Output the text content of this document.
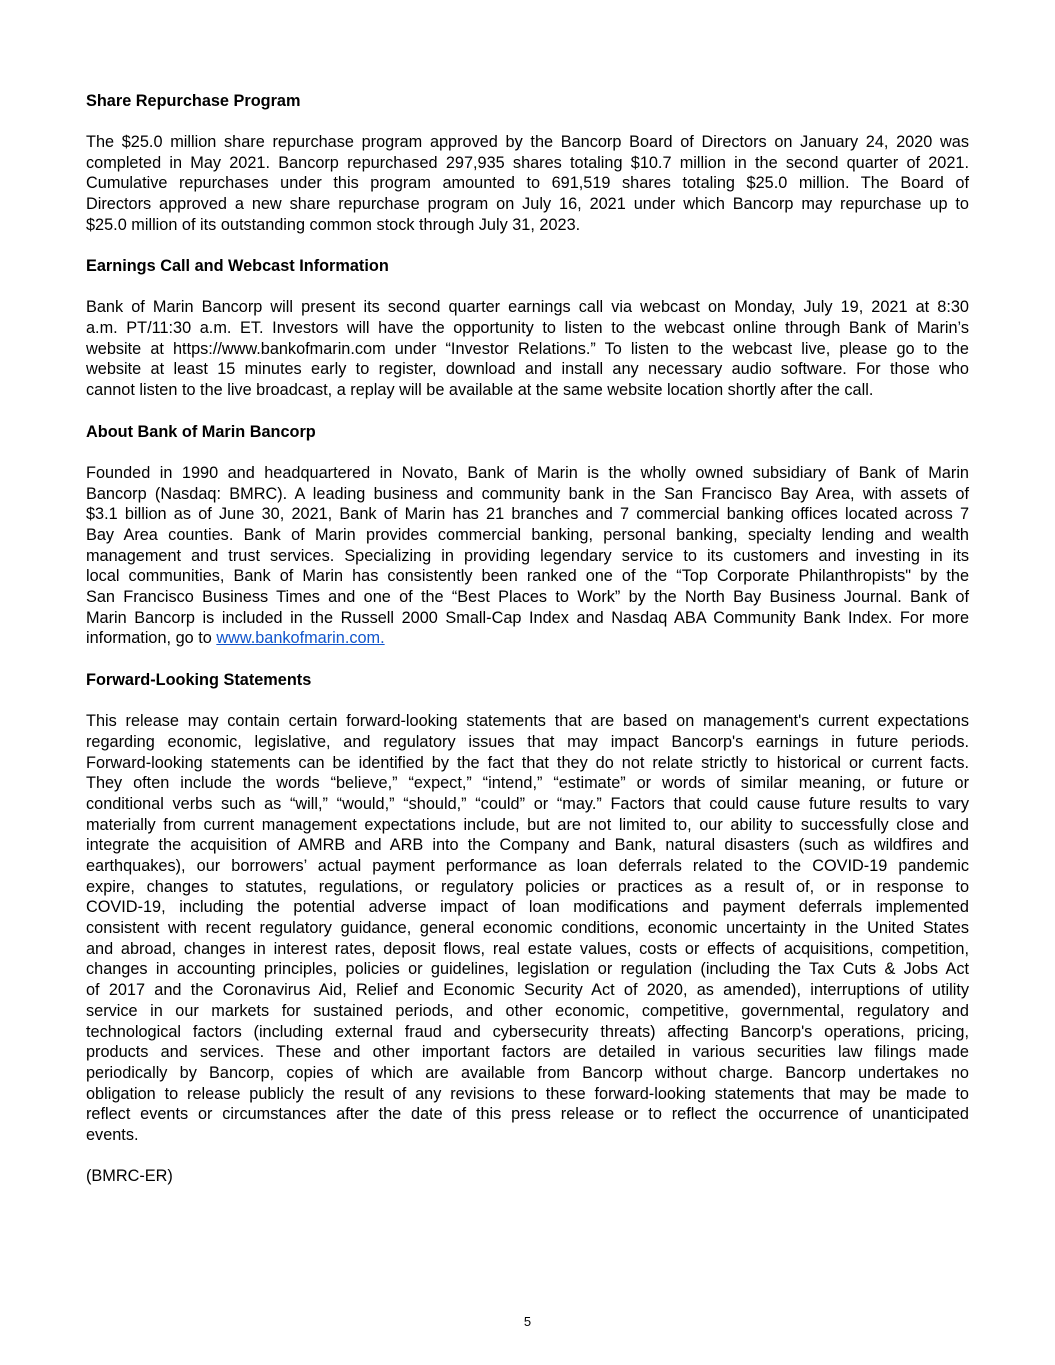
Share Repurchase Program
The $25.0 million share repurchase program approved by the Bancorp Board of Directors on January 24, 2020 was
completed in May 2021. Bancorp repurchased 297,935 shares totaling $10.7 million in the second quarter of 2021.
Cumulative repurchases under this program amounted to 691,519 shares totaling $25.0 million. The Board of
Directors approved a new share repurchase program on July 16, 2021 under which Bancorp may repurchase up to
$25.0 million of its outstanding common stock through July 31, 2023.
Earnings Call and Webcast Information
Bank of Marin Bancorp will present its second quarter earnings call via webcast on Monday, July 19, 2021 at 8:30
a.m. PT/11:30 a.m. ET. Investors will have the opportunity to listen to the webcast online through Bank of Marin’s
website at https://www.bankofmarin.com under “Investor Relations.” To listen to the webcast live, please go to the
website at least 15 minutes early to register, download and install any necessary audio software. For those who
cannot listen to the live broadcast, a replay will be available at the same website location shortly after the call.
About Bank of Marin Bancorp
Founded in 1990 and headquartered in Novato, Bank of Marin is the wholly owned subsidiary of Bank of Marin
Bancorp (Nasdaq: BMRC). A leading business and community bank in the San Francisco Bay Area, with assets of
$3.1 billion as of June 30, 2021, Bank of Marin has 21 branches and 7 commercial banking offices located across 7
Bay Area counties. Bank of Marin provides commercial banking, personal banking, specialty lending and wealth
management and trust services. Specializing in providing legendary service to its customers and investing in its
local communities, Bank of Marin has consistently been ranked one of the “Top Corporate Philanthropists" by the
San Francisco Business Times and one of the “Best Places to Work” by the North Bay Business Journal. Bank of
Marin Bancorp is included in the Russell 2000 Small-Cap Index and Nasdaq ABA Community Bank Index. For more
information, go to www.bankofmarin.com.
Forward-Looking Statements
This release may contain certain forward-looking statements that are based on management's current expectations
regarding economic, legislative, and regulatory issues that may impact Bancorp's earnings in future periods.
Forward-looking statements can be identified by the fact that they do not relate strictly to historical or current facts.
They often include the words “believe,” “expect,” “intend,” “estimate” or words of similar meaning, or future or
conditional verbs such as “will,” “would,” “should,” “could” or “may.” Factors that could cause future results to vary
materially from current management expectations include, but are not limited to, our ability to successfully close and
integrate the acquisition of AMRB and ARB into the Company and Bank, natural disasters (such as wildfires and
earthquakes), our borrowers’ actual payment performance as loan deferrals related to the COVID-19 pandemic
expire, changes to statutes, regulations, or regulatory policies or practices as a result of, or in response to
COVID-19, including the potential adverse impact of loan modifications and payment deferrals implemented
consistent with recent regulatory guidance, general economic conditions, economic uncertainty in the United States
and abroad, changes in interest rates, deposit flows, real estate values, costs or effects of acquisitions, competition,
changes in accounting principles, policies or guidelines, legislation or regulation (including the Tax Cuts & Jobs Act
of 2017 and the Coronavirus Aid, Relief and Economic Security Act of 2020, as amended), interruptions of utility
service in our markets for sustained periods, and other economic, competitive, governmental, regulatory and
technological factors (including external fraud and cybersecurity threats) affecting Bancorp's operations, pricing,
products and services. These and other important factors are detailed in various securities law filings made
periodically by Bancorp, copies of which are available from Bancorp without charge. Bancorp undertakes no
obligation to release publicly the result of any revisions to these forward-looking statements that may be made to
reflect events or circumstances after the date of this press release or to reflect the occurrence of unanticipated
events.
(BMRC-ER)
5
